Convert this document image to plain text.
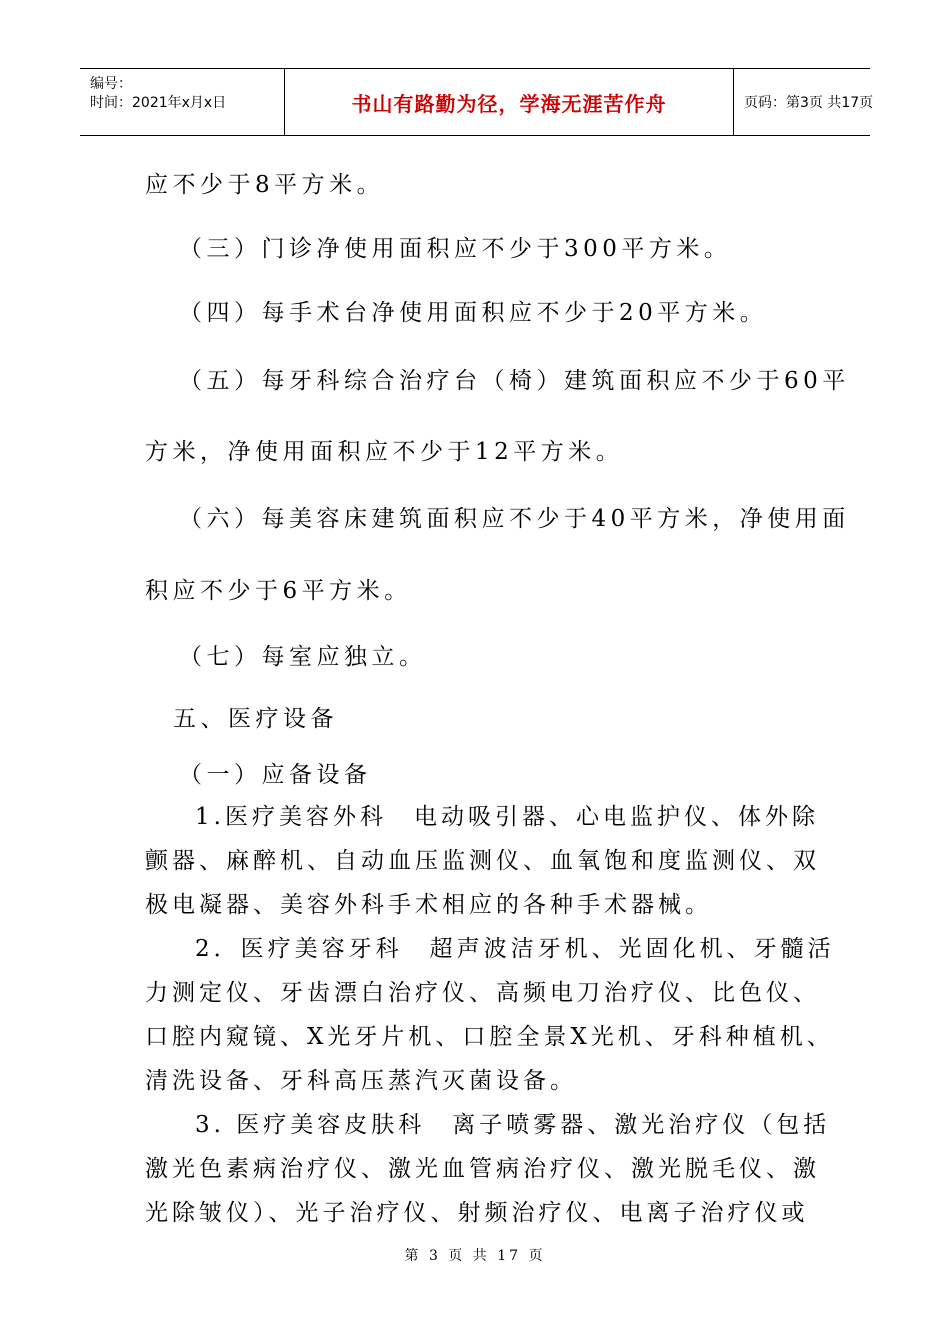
编号：
时间：2021年x月x日	书山有路勤为径，学海无涯苦作舟	页码：第3页 共17页
应不少于8平方米。
（三）门诊净使用面积应不少于300平方米。
（四）每手术台净使用面积应不少于20平方米。
（五）每牙科综合治疗台（椅）建筑面积应不少于60平
方米，净使用面积应不少于12平方米。
（六）每美容床建筑面积应不少于40平方米，净使用面
积应不少于6平方米。
（七）每室应独立。
五、医疗设备
（一）应备设备
1.医疗美容外科　电动吸引器、心电监护仪、体外除
颤器、麻醉机、自动血压监测仪、血氧饱和度监测仪、双
极电凝器、美容外科手术相应的各种手术器械。
2．医疗美容牙科　超声波洁牙机、光固化机、牙髓活
力测定仪、牙齿漂白治疗仪、高频电刀治疗仪、比色仪、
口腔内窥镜、X光牙片机、口腔全景X光机、牙科种植机、
清洗设备、牙科高压蒸汽灭菌设备。
3. 医疗美容皮肤科　离子喷雾器、激光治疗仪（包括
激光色素病治疗仪、激光血管病治疗仪、激光脱毛仪、激
光除皱仪）、光子治疗仪、射频治疗仪、电离子治疗仪或
第 3 页 共 17 页
